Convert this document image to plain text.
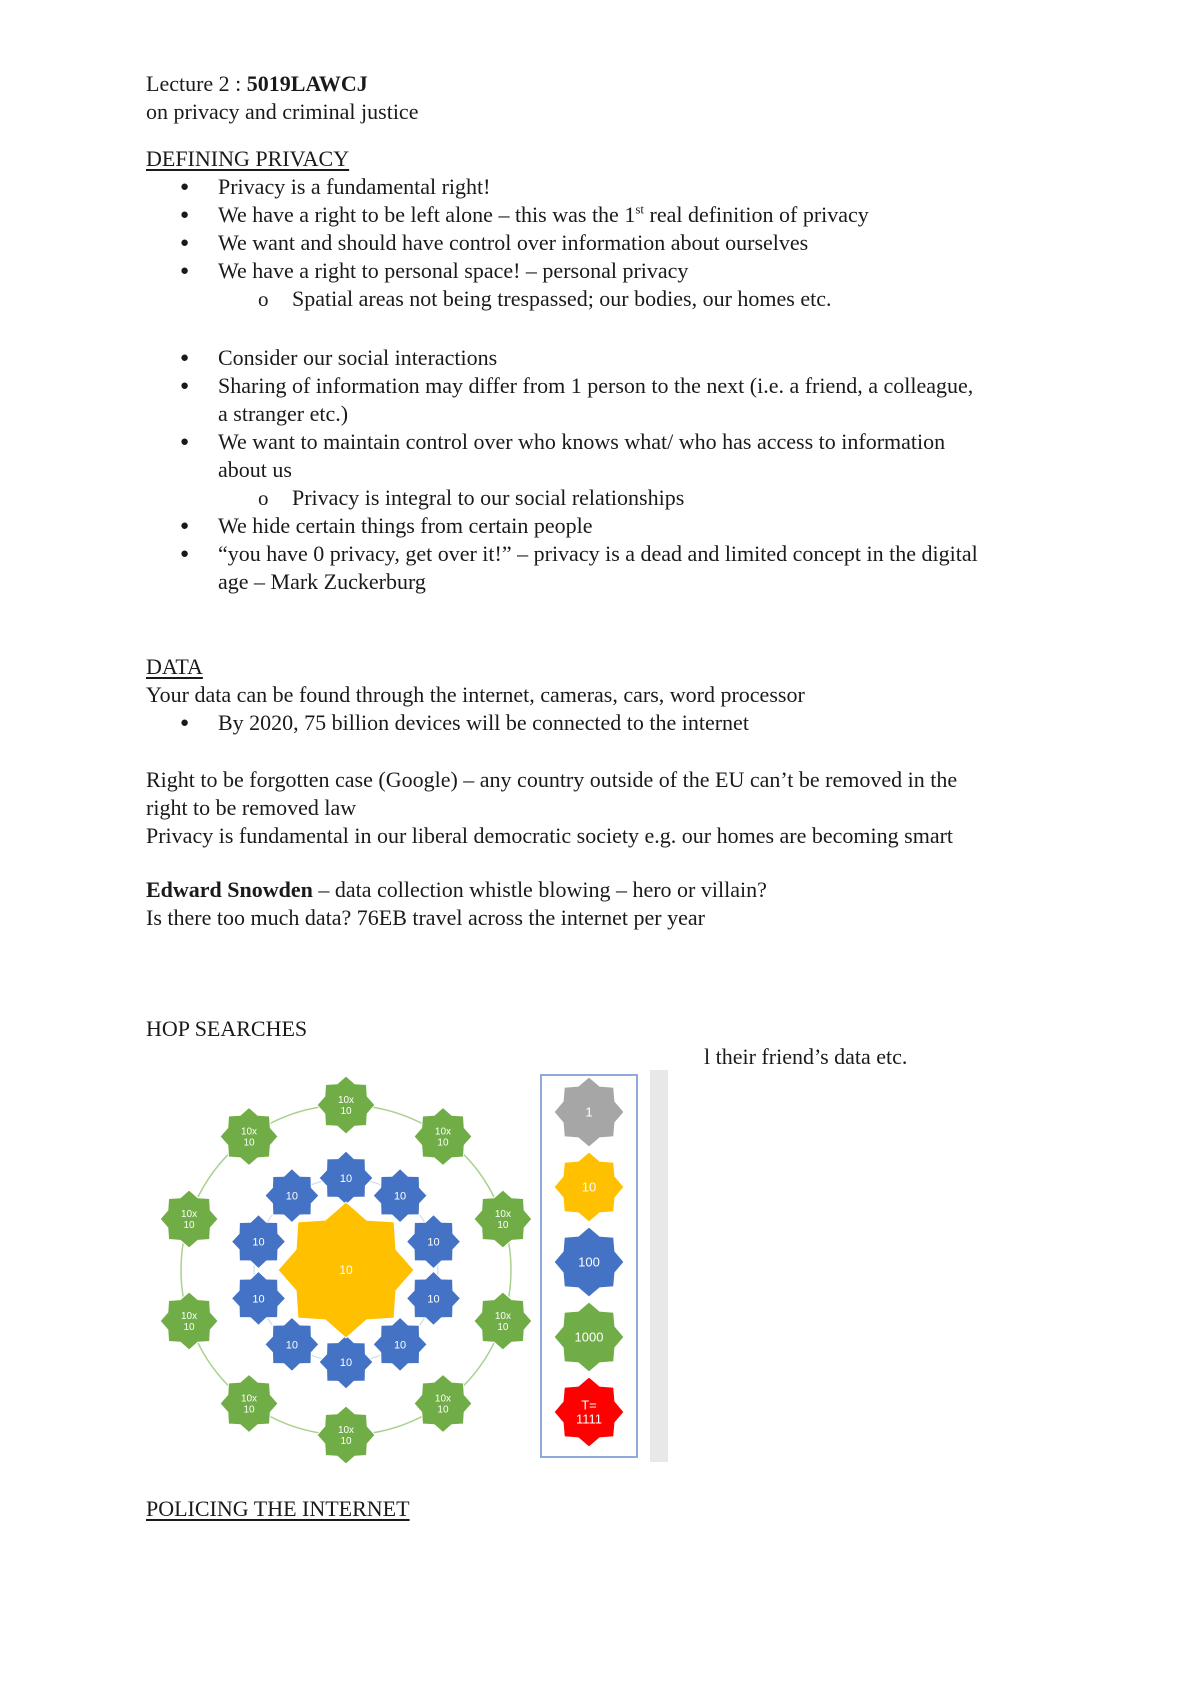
Lecture 2 : 5019LAWCJ
on privacy and criminal justice
DEFINING PRIVACY
● Privacy is a fundamental right!
● We have a right to be left alone – this was the 1st real definition of privacy
● We want and should have control over information about ourselves
● We have a right to personal space! – personal privacy
o Spatial areas not being trespassed; our bodies, our homes etc.
● Consider our social interactions
● Sharing of information may differ from 1 person to the next (i.e. a friend, a colleague,
a stranger etc.)
● We want to maintain control over who knows what/ who has access to information
about us
o Privacy is integral to our social relationships
● We hide certain things from certain people
● “you have 0 privacy, get over it!” – privacy is a dead and limited concept in the digital
age – Mark Zuckerburg
DATA
Your data can be found through the internet, cameras, cars, word processor
● By 2020, 75 billion devices will be connected to the internet
Right to be forgotten case (Google) – any country outside of the EU can’t be removed in the
right to be removed law
Privacy is fundamental in our liberal democratic society e.g. our homes are becoming smart
Edward Snowden – data collection whistle blowing – hero or villain?
Is there too much data? 76EB travel across the internet per year
HOP SEARCHES
l their friend’s data etc.
10x
10
10x
10
10x
10
10x
10
10x
10
10x
10
10x
10
10x
10
10x
10
10x
10
10
10
10
10
10
10
10
10
10
10
10
1
10
100
1000
T=
1111
POLICING THE INTERNET
